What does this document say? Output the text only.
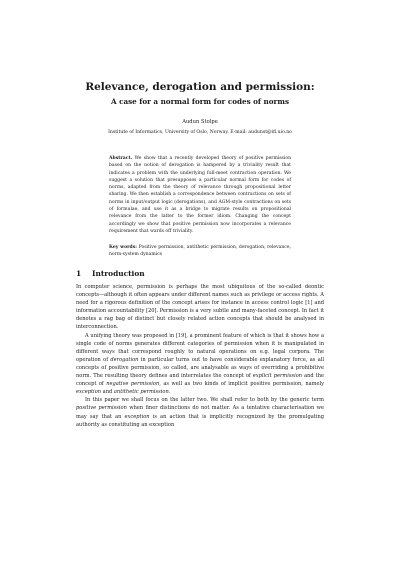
Relevance, derogation and permission:
A case for a normal form for codes of norms
Audun Stolpe
Institute of Informatics, University of Oslo, Norway. E-mail: audunst@ifi.uio.no
Abstract. We show that a recently developed theory of positive permission based on the notion of derogation is hampered by a triviality result that indicates a problem with the underlying full-meet contraction operation. We suggest a solution that presupposes a particular normal form for codes of norms, adapted from the theory of relevance through propositional letter sharing. We then establish a correspondence between contractions on sets of norms in input/output logic (derogations), and AGM-style contractions on sets of formulae, and use it as a bridge to migrate results on propositional relevance from the latter to the former idiom. Changing the concept accordingly we show that positive permission now incorporates a relevance requirement that wards off triviality.
Key words: Positive permission, antithetic permission, derogation, relevance, norm-system dynamics
1 Introduction

In computer science, permission is perhaps the most ubiquitous of the so-called deontic concepts—although it often appears under different names such as privilege or access rights. A need for a rigorous definition of the concept arises for instance in access control logic [1] and information accountability [20]. Permission is a very subtle and many-faceted concept. In fact it denotes a rag bag of distinct but closely related action concepts that should be analysed in interconnection.

A unifying theory was proposed in [19], a prominent feature of which is that it shows how a single code of norms generates different categories of permission when it is manipulated in different ways that correspond roughly to natural operations on e.g. legal corpora. The operation of derogation in particular turns out to have considerable explanatory force, as all concepts of positive permission, so called, are analysable as ways of overriding a prohibitive norm. The resulting theory defines and interrelates the concept of explicit permission and the concept of negative permission, as well as two kinds of implicit positive permission, namely exception and antithetic permission.

In this paper we shall focus on the latter two. We shall refer to both by the generic term positive permission when finer distinctions do not matter. As a tentative characterisation we may say that an exception is an action that is implicitly recognized by the promulgating authority as constituting an exception
